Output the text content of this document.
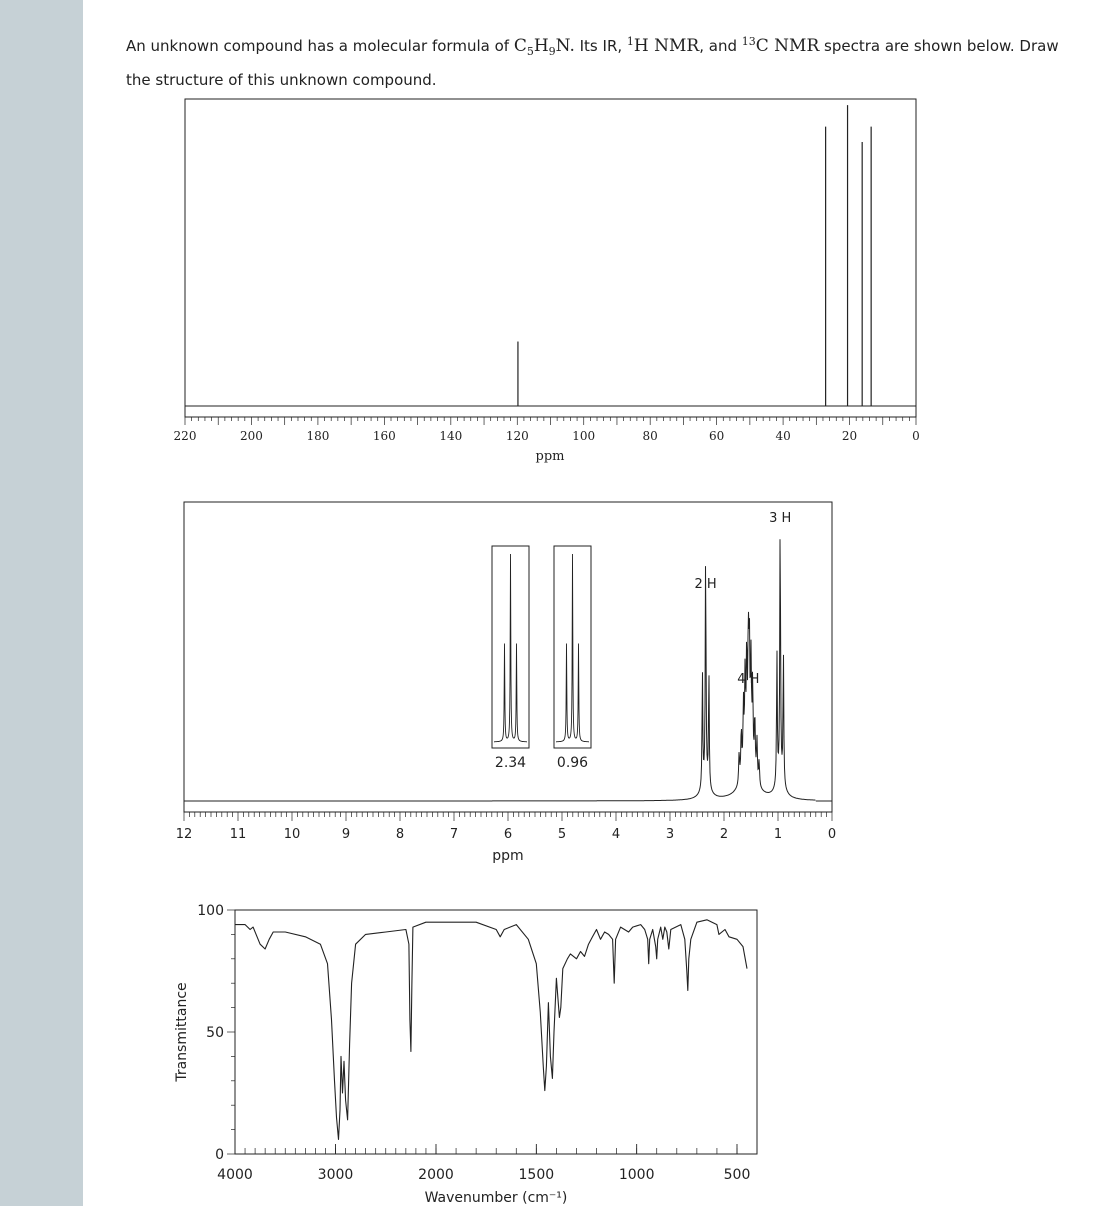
An unknown compound has a molecular formula of $C_5H_9N$. Its IR, $^1$H NMR, and $^{13}$C NMR spectra are shown below. Draw the structure of this unknown compound.
220	200	180	160	140	120	100	80	60	40	20	0
ppm
12	11	10	9	8	7	6	5	4	3	2	1	0
ppm
2 H
4 H
3 H
2.34 0.96
4000	3000	2000	1500	1000	500
0
50
100
Wavenumber (cm⁻¹)
Transmittance
